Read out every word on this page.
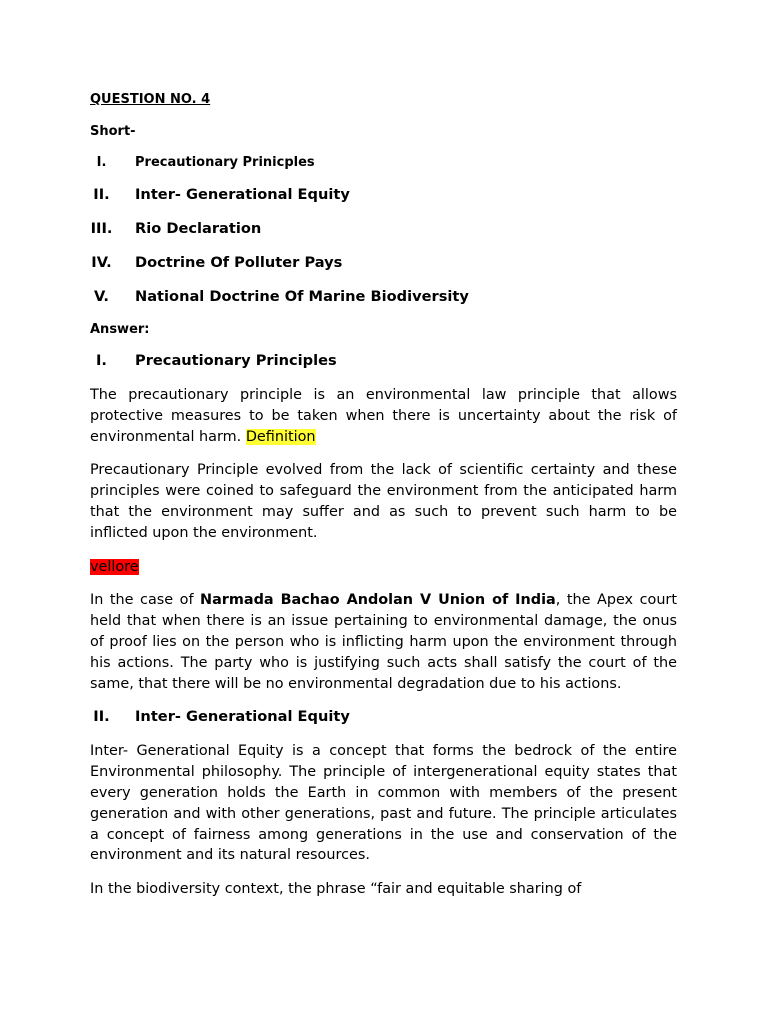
QUESTION NO. 4

Short-

I.	Precautionary Prinicples
II.	Inter- Generational Equity
III.	Rio Declaration
IV.	Doctrine Of Polluter Pays
V.	National Doctrine Of Marine Biodiversity

Answer:

I.	Precautionary Principles

The precautionary principle is an environmental law principle that allows protective measures to be taken when there is uncertainty about the risk of environmental harm. Definition

Precautionary Principle evolved from the lack of scientific certainty and these principles were coined to safeguard the environment from the anticipated harm that the environment may suffer and as such to prevent such harm to be inflicted upon the environment.

vellore

In the case of Narmada Bachao Andolan V Union of India, the Apex court held that when there is an issue pertaining to environmental damage, the onus of proof lies on the person who is inflicting harm upon the environment through his actions. The party who is justifying such acts shall satisfy the court of the same, that there will be no environmental degradation due to his actions.

II.	Inter- Generational Equity

Inter- Generational Equity is a concept that forms the bedrock of the entire Environmental philosophy. The principle of intergenerational equity states that every generation holds the Earth in common with members of the present generation and with other generations, past and future. The principle articulates a concept of fairness among generations in the use and conservation of the environment and its natural resources.

In the biodiversity context, the phrase “fair and equitable sharing of
